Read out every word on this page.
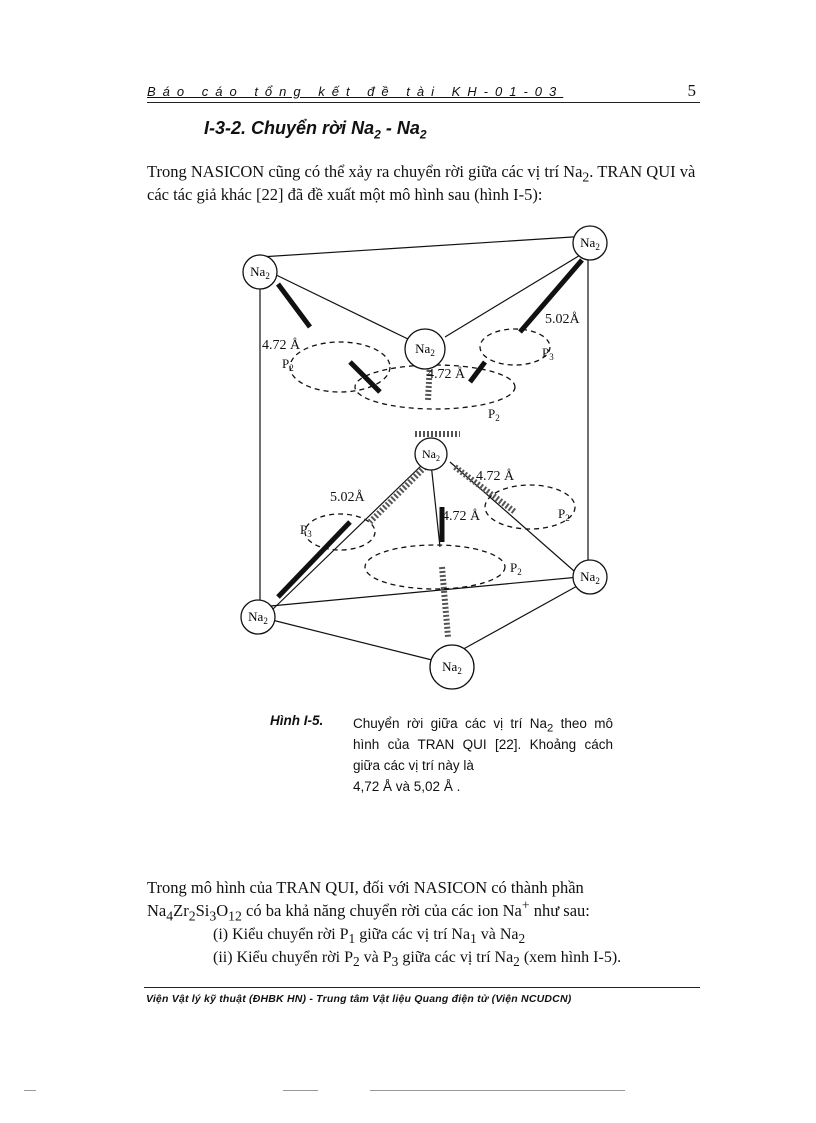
Báo cáo tổng kết đề tài KH-01-03	5
I-3-2. Chuyển rời $Na_2 - Na_2$
Trong NASICON cũng có thể xảy ra chuyển rời giữa các vị trí $Na_2$. TRAN QUI và các tác giả khác [22] đã đề xuất một mô hình sau (hình I-5):
$Na_2$
$Na_2$
$Na_2$
$Na_2$
$Na_2$
$Na_2$
$Na_2$
4.72 Å
4.72 Å
5.02Å
4.72 Å
5.02Å
4.72 Å
$P_2$
$P_2$
$P_3$
$P_3$
$P_2$
$P_2$
Hình I-5. Chuyển rời giữa các vị trí $Na_2$ theo mô hình của TRAN QUI [22]. Khoảng cách giữa các vị trí này là
4,72 Å và 5,02 Å .
Trong mô hình của TRAN QUI, đối với NASICON có thành phần
$Na_4Zr_2Si_3O_{12}$ có ba khả năng chuyển rời của các ion Na+ như sau:
(i) Kiểu chuyển rời $P_1$ giữa các vị trí $Na_1$ và $Na_2$
(ii) Kiểu chuyển rời $P_2$ và $P_3$ giữa các vị trí $Na_2$ (xem hình I-5).
Viện Vật lý kỹ thuật (ĐHBK HN) - Trung tâm Vật liệu Quang điện tử (Viện NCUDCN)
